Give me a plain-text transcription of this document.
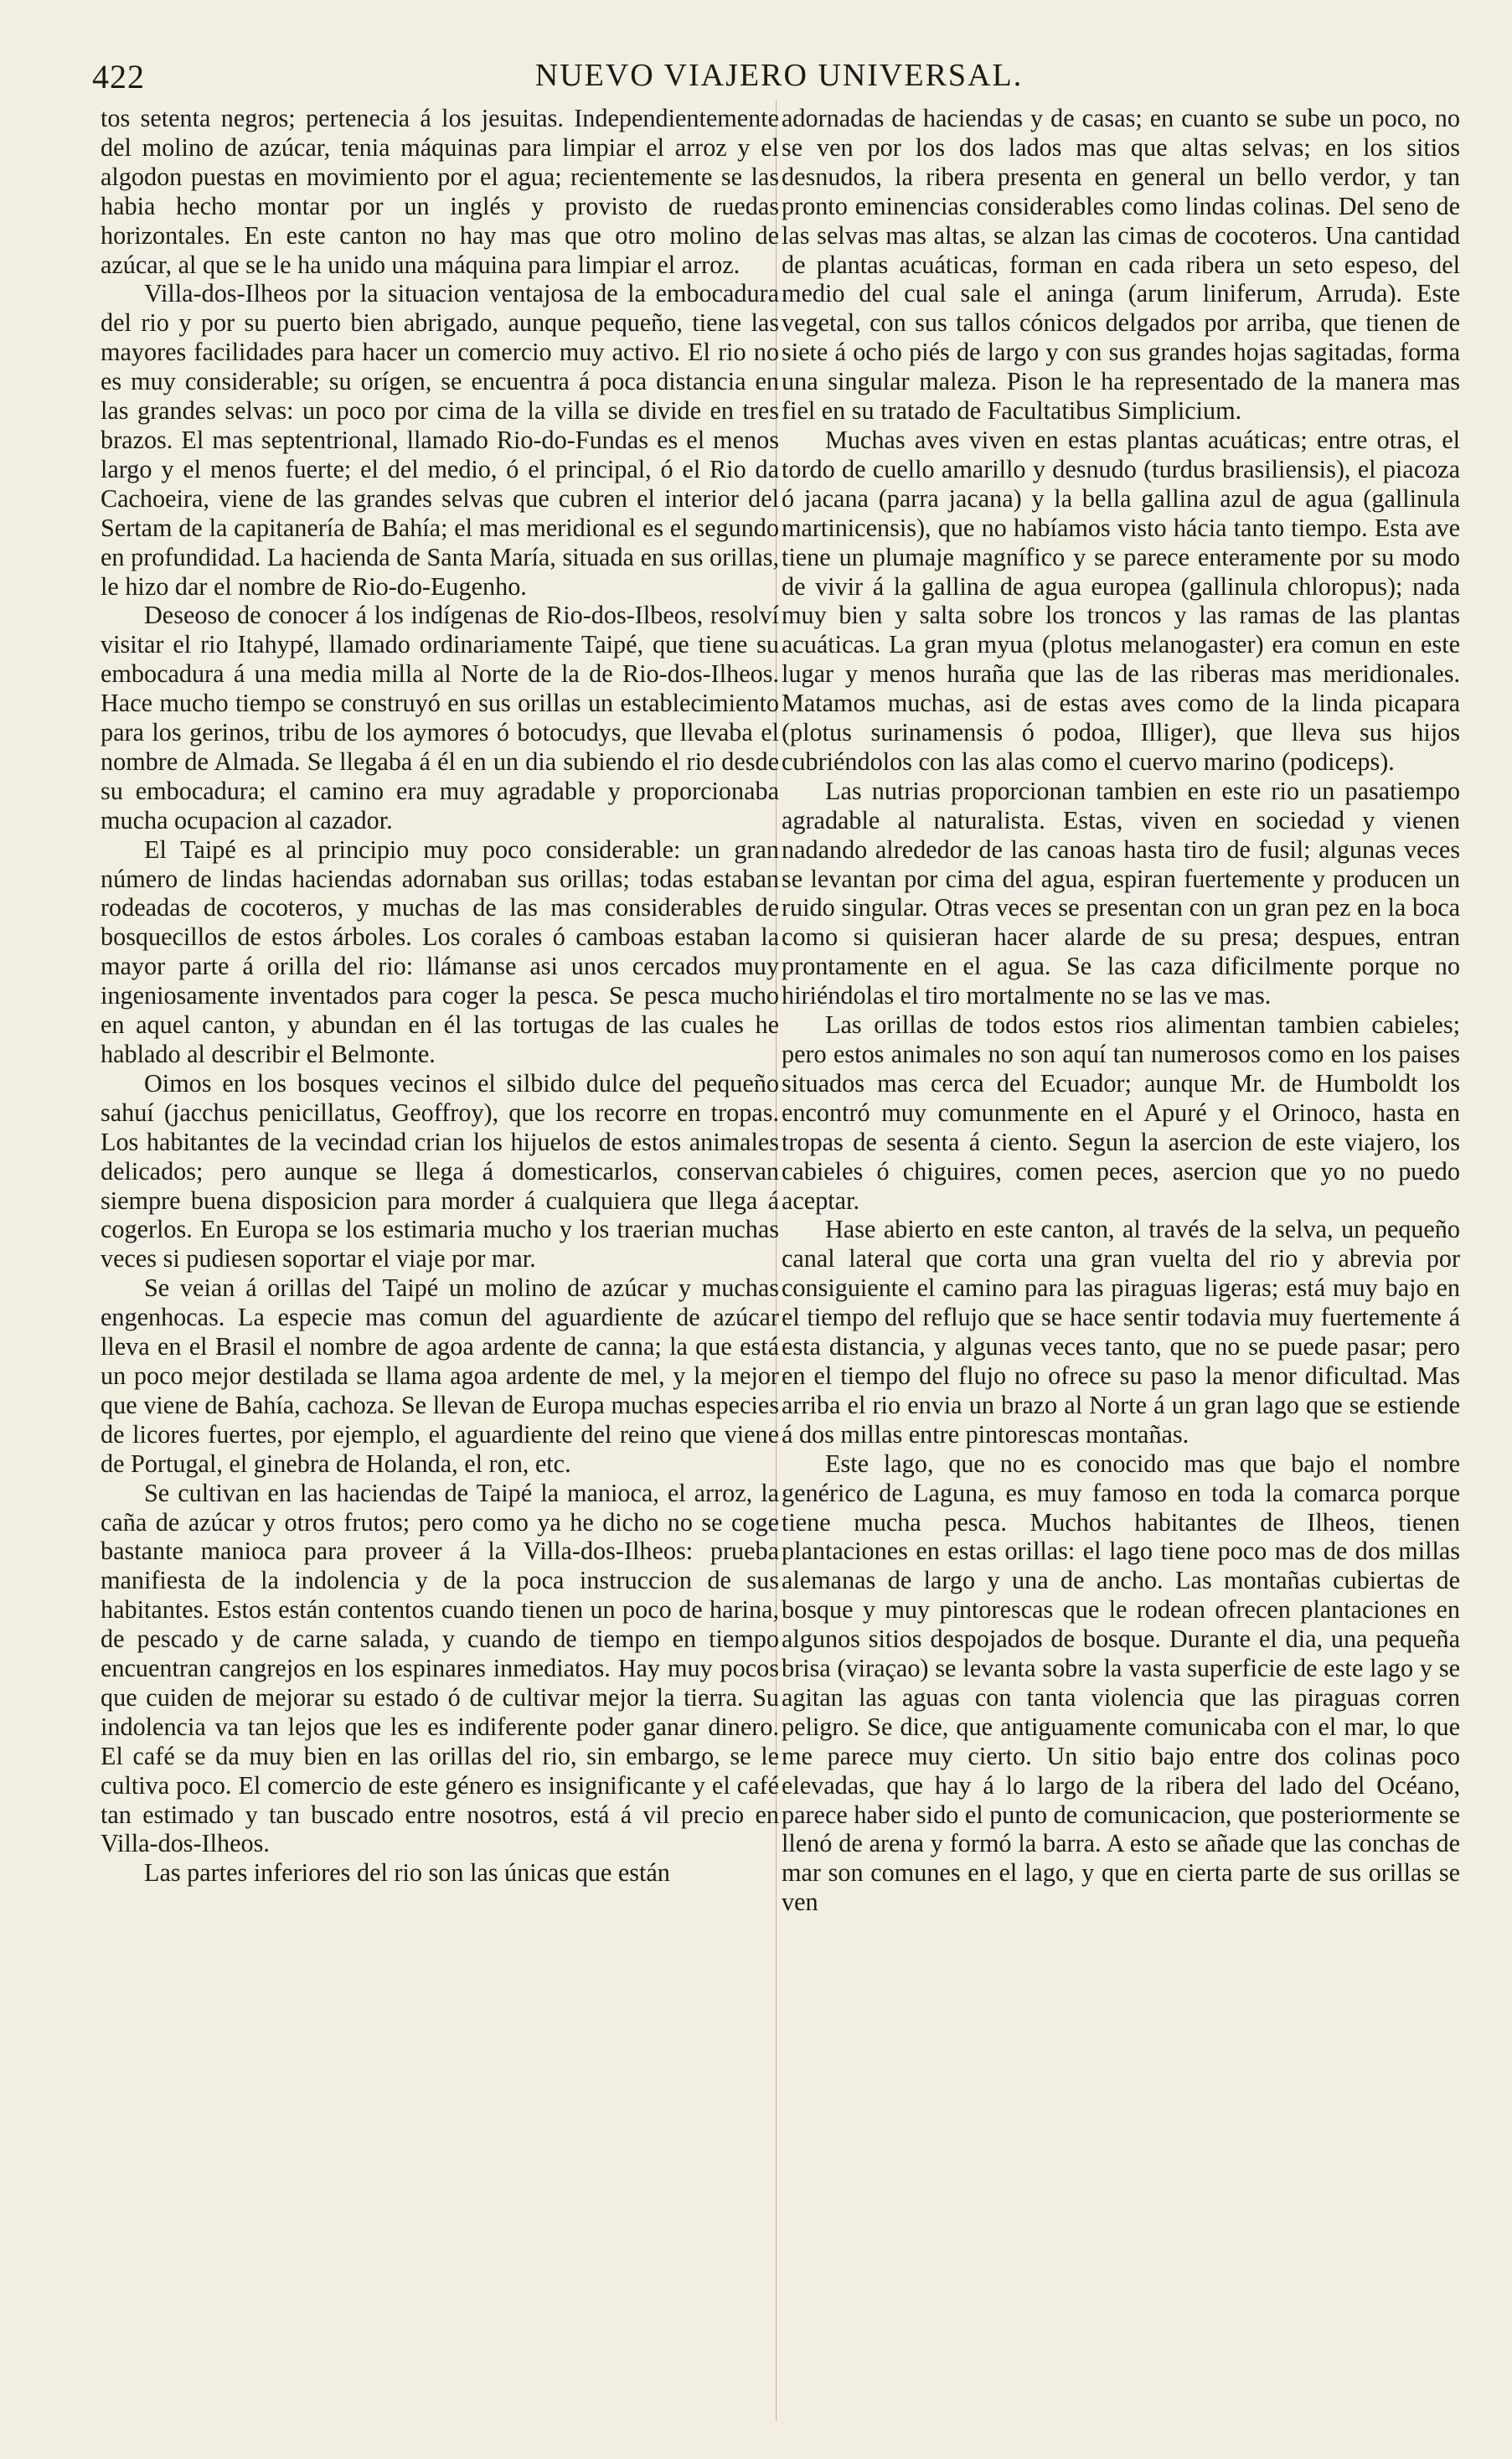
422	NUEVO VIAJERO UNIVERSAL.

tos setenta negros; pertenecia á los jesuitas. Independientemente del molino de azúcar, tenia máquinas para limpiar el arroz y el algodon puestas en movimiento por el agua; recientemente se las habia hecho montar por un inglés y provisto de ruedas horizontales. En este canton no hay mas que otro molino de azúcar, al que se le ha unido una máquina para limpiar el arroz.

Villa-dos-Ilheos por la situacion ventajosa de la embocadura del rio y por su puerto bien abrigado, aunque pequeño, tiene las mayores facilidades para hacer un comercio muy activo. El rio no es muy considerable; su orígen, se encuentra á poca distancia en las grandes selvas: un poco por cima de la villa se divide en tres brazos. El mas septentrional, llamado Rio-do-Fundas es el menos largo y el menos fuerte; el del medio, ó el principal, ó el Rio da Cachoeira, viene de las grandes selvas que cubren el interior del Sertam de la capitanería de Bahía; el mas meridional es el segundo en profundidad. La hacienda de Santa María, situada en sus orillas, le hizo dar el nombre de Rio-do-Eugenho.

Deseoso de conocer á los indígenas de Rio-dos-Ilbeos, resolví visitar el rio Itahypé, llamado ordinariamente Taipé, que tiene su embocadura á una media milla al Norte de la de Rio-dos-Ilheos. Hace mucho tiempo se construyó en sus orillas un establecimiento para los gerinos, tribu de los aymores ó botocudys, que llevaba el nombre de Almada. Se llegaba á él en un dia subiendo el rio desde su embocadura; el camino era muy agradable y proporcionaba mucha ocupacion al cazador.

El Taipé es al principio muy poco considerable: un gran número de lindas haciendas adornaban sus orillas; todas estaban rodeadas de cocoteros, y muchas de las mas considerables de bosquecillos de estos árboles. Los corales ó camboas estaban la mayor parte á orilla del rio: llámanse asi unos cercados muy ingeniosamente inventados para coger la pesca. Se pesca mucho en aquel canton, y abundan en él las tortugas de las cuales he hablado al describir el Belmonte.

Oimos en los bosques vecinos el silbido dulce del pequeño sahuí (jacchus penicillatus, Geoffroy), que los recorre en tropas. Los habitantes de la vecindad crian los hijuelos de estos animales delicados; pero aunque se llega á domesticarlos, conservan siempre buena disposicion para morder á cualquiera que llega á cogerlos. En Europa se los estimaria mucho y los traerian muchas veces si pudiesen soportar el viaje por mar.

Se veian á orillas del Taipé un molino de azúcar y muchas engenhocas. La especie mas comun del aguardiente de azúcar lleva en el Brasil el nombre de agoa ardente de canna; la que está un poco mejor destilada se llama agoa ardente de mel, y la mejor que viene de Bahía, cachoza. Se llevan de Europa muchas especies de licores fuertes, por ejemplo, el aguardiente del reino que viene de Portugal, el ginebra de Holanda, el ron, etc.

Se cultivan en las haciendas de Taipé la manioca, el arroz, la caña de azúcar y otros frutos; pero como ya he dicho no se coge bastante manioca para proveer á la Villa-dos-Ilheos: prueba manifiesta de la indolencia y de la poca instruccion de sus habitantes. Estos están contentos cuando tienen un poco de harina, de pescado y de carne salada, y cuando de tiempo en tiempo encuentran cangrejos en los espinares inmediatos. Hay muy pocos que cuiden de mejorar su estado ó de cultivar mejor la tierra. Su indolencia va tan lejos que les es indiferente poder ganar dinero. El café se da muy bien en las orillas del rio, sin embargo, se le cultiva poco. El comercio de este género es insignificante y el café tan estimado y tan buscado entre nosotros, está á vil precio en Villa-dos-Ilheos.

Las partes inferiores del rio son las únicas que están

adornadas de haciendas y de casas; en cuanto se sube un poco, no se ven por los dos lados mas que altas selvas; en los sitios desnudos, la ribera presenta en general un bello verdor, y tan pronto eminencias considerables como lindas colinas. Del seno de las selvas mas altas, se alzan las cimas de cocoteros. Una cantidad de plantas acuáticas, forman en cada ribera un seto espeso, del medio del cual sale el aninga (arum liniferum, Arruda). Este vegetal, con sus tallos cónicos delgados por arriba, que tienen de siete á ocho piés de largo y con sus grandes hojas sagitadas, forma una singular maleza. Pison le ha representado de la manera mas fiel en su tratado de Facultatibus Simplicium.

Muchas aves viven en estas plantas acuáticas; entre otras, el tordo de cuello amarillo y desnudo (turdus brasiliensis), el piacoza ó jacana (parra jacana) y la bella gallina azul de agua (gallinula martinicensis), que no habíamos visto hácia tanto tiempo. Esta ave tiene un plumaje magnífico y se parece enteramente por su modo de vivir á la gallina de agua europea (gallinula chloropus); nada muy bien y salta sobre los troncos y las ramas de las plantas acuáticas. La gran myua (plotus melanogaster) era comun en este lugar y menos huraña que las de las riberas mas meridionales. Matamos muchas, asi de estas aves como de la linda picapara (plotus surinamensis ó podoa, Illiger), que lleva sus hijos cubriéndolos con las alas como el cuervo marino (podiceps).

Las nutrias proporcionan tambien en este rio un pasatiempo agradable al naturalista. Estas, viven en sociedad y vienen nadando alrededor de las canoas hasta tiro de fusil; algunas veces se levantan por cima del agua, espiran fuertemente y producen un ruido singular. Otras veces se presentan con un gran pez en la boca como si quisieran hacer alarde de su presa; despues, entran prontamente en el agua. Se las caza dificilmente porque no hiriéndolas el tiro mortalmente no se las ve mas.

Las orillas de todos estos rios alimentan tambien cabieles; pero estos animales no son aquí tan numerosos como en los paises situados mas cerca del Ecuador; aunque Mr. de Humboldt los encontró muy comunmente en el Apuré y el Orinoco, hasta en tropas de sesenta á ciento. Segun la asercion de este viajero, los cabieles ó chiguires, comen peces, asercion que yo no puedo aceptar.

Hase abierto en este canton, al través de la selva, un pequeño canal lateral que corta una gran vuelta del rio y abrevia por consiguiente el camino para las piraguas ligeras; está muy bajo en el tiempo del reflujo que se hace sentir todavia muy fuertemente á esta distancia, y algunas veces tanto, que no se puede pasar; pero en el tiempo del flujo no ofrece su paso la menor dificultad. Mas arriba el rio envia un brazo al Norte á un gran lago que se estiende á dos millas entre pintorescas montañas.

Este lago, que no es conocido mas que bajo el nombre genérico de Laguna, es muy famoso en toda la comarca porque tiene mucha pesca. Muchos habitantes de Ilheos, tienen plantaciones en estas orillas: el lago tiene poco mas de dos millas alemanas de largo y una de ancho. Las montañas cubiertas de bosque y muy pintorescas que le rodean ofrecen plantaciones en algunos sitios despojados de bosque. Durante el dia, una pequeña brisa (viraçao) se levanta sobre la vasta superficie de este lago y se agitan las aguas con tanta violencia que las piraguas corren peligro. Se dice, que antiguamente comunicaba con el mar, lo que me parece muy cierto. Un sitio bajo entre dos colinas poco elevadas, que hay á lo largo de la ribera del lado del Océano, parece haber sido el punto de comunicacion, que posteriormente se llenó de arena y formó la barra. A esto se añade que las conchas de mar son comunes en el lago, y que en cierta parte de sus orillas se ven
